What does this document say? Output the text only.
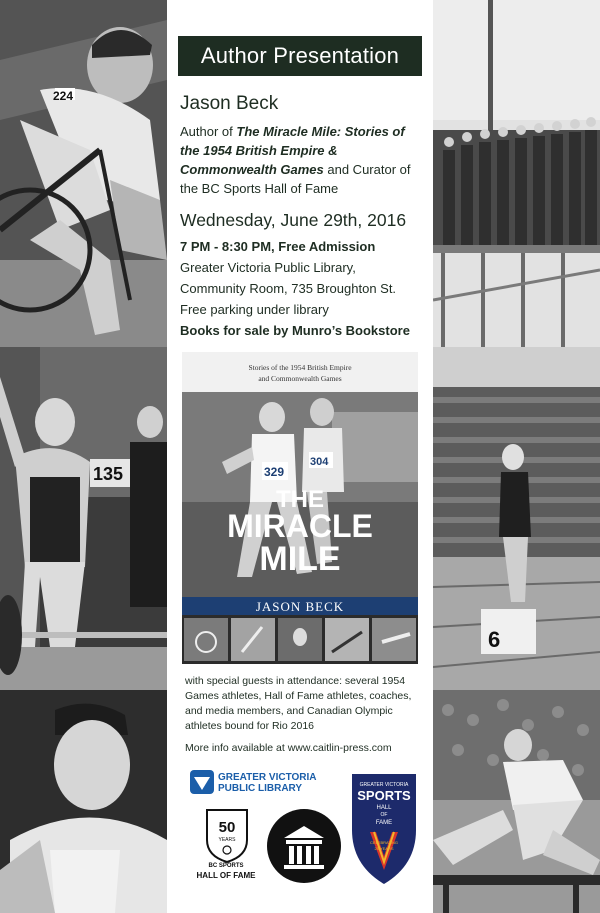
224
135
6
Author Presentation
Jason Beck
Author of The Miracle Mile: Stories of the 1954 British Empire & Commonwealth Games and Curator of the BC Sports Hall of Fame
Wednesday, June 29th, 2016
7 PM - 8:30 PM, Free Admission
Greater Victoria Public Library,
Community Room, 735 Broughton St.
Free parking under library
Books for sale by Munro’s Bookstore
329
304
Stories of the 1954 British Empire
and Commonwealth Games
THE
MIRACLE
MILE
JASON BECK
with special guests in attendance: several 1954 Games athletes, Hall of Fame athletes, coaches, and media members, and Canadian Olympic athletes bound for Rio 2016
More info available at www.caitlin-press.com
GREATER VICTORIA
PUBLIC LIBRARY
50
YEARS
BC SPORTS
HALL OF FAME
GREATER VICTORIA
SPORTS
HALL
OF
FAME
CELEBRATING
25 YEARS
